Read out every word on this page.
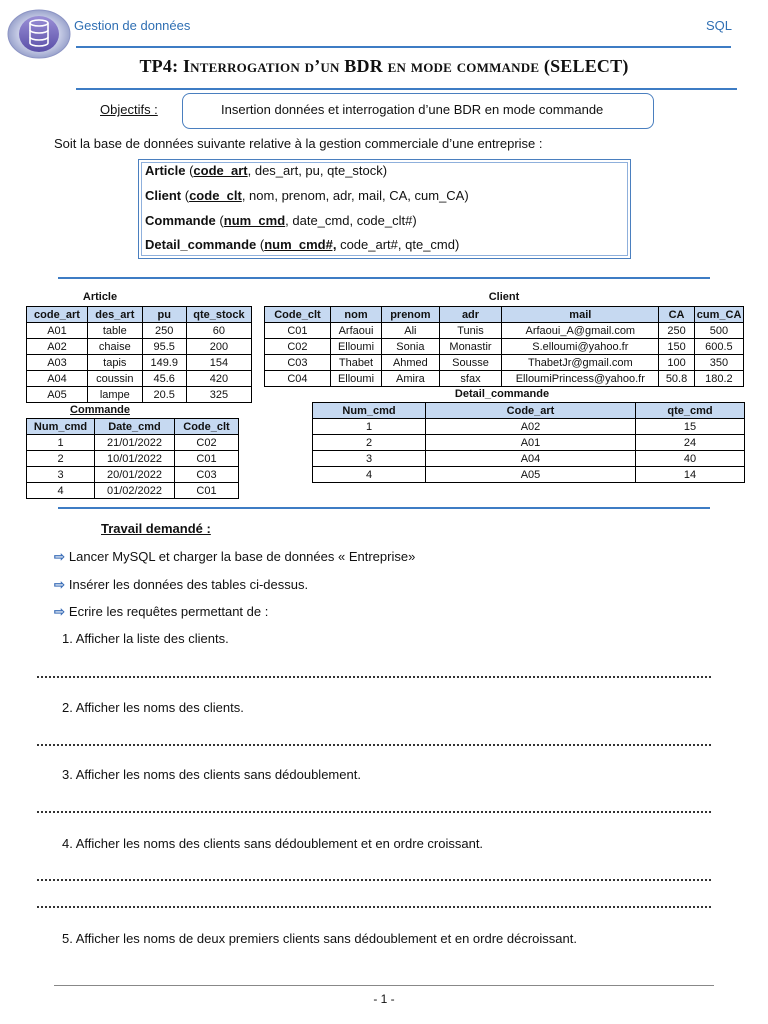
Gestion de données	SQL
TP4: Interrogation d’un BDR en mode commande (SELECT)
Objectifs :	Insertion données et interrogation d’une BDR en mode commande
Soit la base de données suivante relative à la gestion commerciale d’une entreprise :
Article (code_art, des_art, pu, qte_stock)
Client (code_clt, nom, prenom, adr, mail, CA, cum_CA)
Commande (num_cmd, date_cmd, code_clt#)
Detail_commande (num_cmd#, code_art#, qte_cmd)
Article
code_art	des_art	pu	qte_stock
A01	table	250	60
A02	chaise	95.5	200
A03	tapis	149.9	154
A04	coussin	45.6	420
A05	lampe	20.5	325
Client
Code_clt	nom	prenom	adr	mail	CA	cum_CA
C01	Arfaoui	Ali	Tunis	Arfaoui_A@gmail.com	250	500
C02	Elloumi	Sonia	Monastir	S.elloumi@yahoo.fr	150	600.5
C03	Thabet	Ahmed	Sousse	ThabetJr@gmail.com	100	350
C04	Elloumi	Amira	sfax	ElloumiPrincess@yahoo.fr	50.8	180.2
Commande
Num_cmd	Date_cmd	Code_clt
1	21/01/2022	C02
2	10/01/2022	C01
3	20/01/2022	C03
4	01/02/2022	C01
Detail_commande
Num_cmd	Code_art	qte_cmd
1	A02	15
2	A01	24
3	A04	40
4	A05	14
Travail demandé :
⇨ Lancer MySQL et charger la base de données « Entreprise»
⇨ Insérer les données des tables ci-dessus.
⇨ Ecrire les requêtes permettant de :
1. Afficher la liste des clients.
2. Afficher les noms des clients.
3. Afficher les noms des clients sans dédoublement.
4. Afficher les noms des clients sans dédoublement et en ordre croissant.
5. Afficher les noms de deux premiers clients sans dédoublement et en ordre décroissant.
- 1 -
